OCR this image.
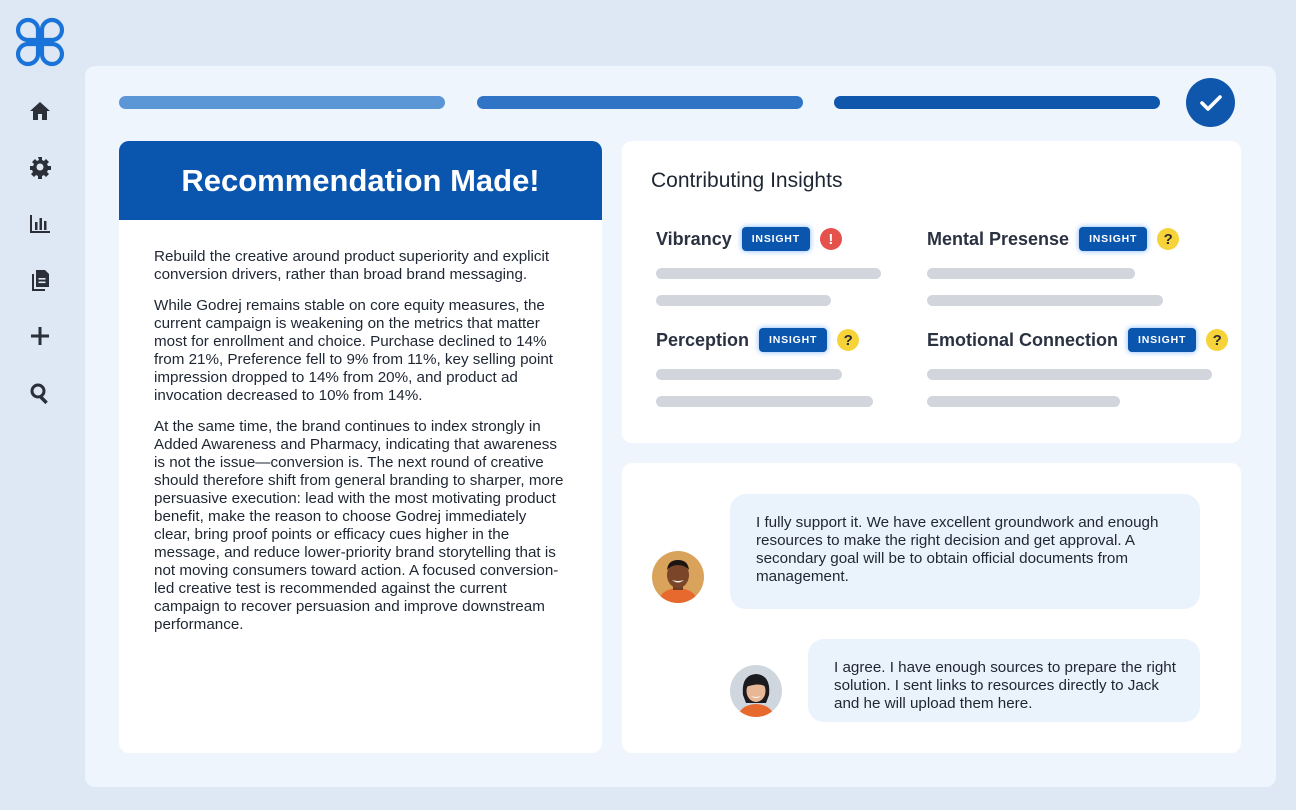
Recommendation Made!

Rebuild the creative around product superiority and explicit conversion drivers, rather than broad brand messaging.

While Godrej remains stable on core equity measures, the current campaign is weakening on the metrics that matter most for enrollment and choice. Purchase declined to 14% from 21%, Preference fell to 9% from 11%, key selling point impression dropped to 14% from 20%, and product ad invocation decreased to 10% from 14%.

At the same time, the brand continues to index strongly in Added Awareness and Pharmacy, indicating that awareness is not the issue—conversion is. The next round of creative should therefore shift from general branding to sharper, more persuasive execution: lead with the most motivating product benefit, make the reason to choose Godrej immediately clear, bring proof points or efficacy cues higher in the message, and reduce lower-priority brand storytelling that is not moving consumers toward action. A focused conversion-led creative test is recommended against the current campaign to recover persuasion and improve downstream performance.

Contributing Insights
Vibrancy	INSIGHT	!	Mental Presense	INSIGHT	?
Perception	INSIGHT	?	Emotional Connection	INSIGHT	?
I fully support it. We have excellent groundwork and enough resources to make the right decision and get approval. A secondary goal will be to obtain official documents from management.
I agree. I have enough sources to prepare the right solution. I sent links to resources directly to Jack and he will upload them here.
